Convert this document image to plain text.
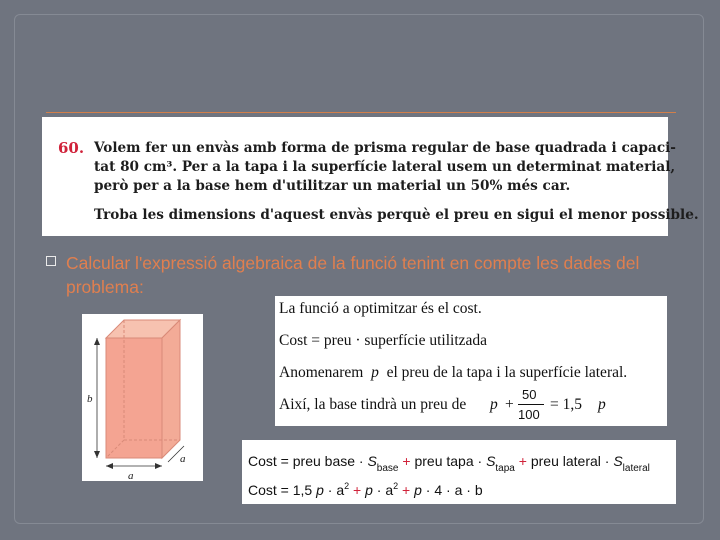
60. Volem fer un envàs amb forma de prisma regular de base quadrada i capaci-
tat 80 cm³. Per a la tapa i la superfície lateral usem un determinat material,
però per a la base hem d'utilitzar un material un 50% més car.
Troba les dimensions d'aquest envàs perquè el preu en sigui el menor possible.
Calcular l'expressió algebraica de la funció tenint en compte les dades del problema:
b
a
a
La funció a optimitzar és el cost.
Cost = preu · superfície utilitzada
Anomenarem p el preu de la tapa i la superfície lateral.
Així, la base tindrà un preu de p +
50
100
= 1,5 p
Cost = preu base · $S_{base}$ + preu tapa · $S_{tapa}$ + preu lateral · $S_{lateral}$
Cost = 1,5 $p \cdot a^2 + p \cdot a^2 + p \cdot 4 \cdot a \cdot b$
